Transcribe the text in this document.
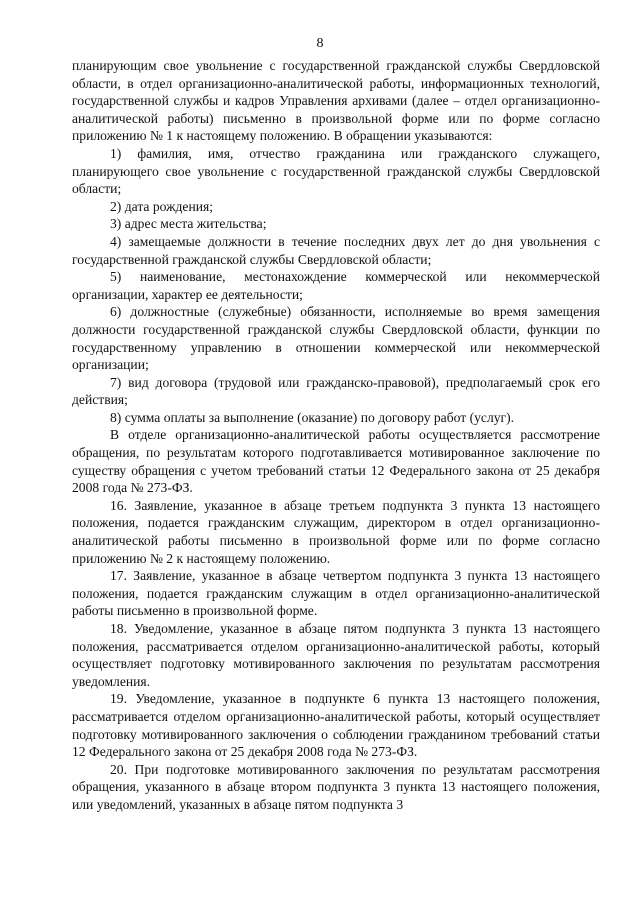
8

планирующим свое увольнение с государственной гражданской службы Свердловской области, в отдел организационно-аналитической работы, информационных технологий, государственной службы и кадров Управления архивами (далее – отдел организационно-аналитической работы) письменно в произвольной форме или по форме согласно приложению № 1 к настоящему положению. В обращении указываются:

1) фамилия, имя, отчество гражданина или гражданского служащего, планирующего свое увольнение с государственной гражданской службы Свердловской области;

2) дата рождения;

3) адрес места жительства;

4) замещаемые должности в течение последних двух лет до дня увольнения с государственной гражданской службы Свердловской области;

5) наименование, местонахождение коммерческой или некоммерческой организации, характер ее деятельности;

6) должностные (служебные) обязанности, исполняемые во время замещения должности государственной гражданской службы Свердловской области, функции по государственному управлению в отношении коммерческой или некоммерческой организации;

7) вид договора (трудовой или гражданско-правовой), предполагаемый срок его действия;

8) сумма оплаты за выполнение (оказание) по договору работ (услуг).

В отделе организационно-аналитической работы осуществляется рассмотрение обращения, по результатам которого подготавливается мотивированное заключение по существу обращения с учетом требований статьи 12 Федерального закона от 25 декабря 2008 года № 273-ФЗ.

16. Заявление, указанное в абзаце третьем подпункта 3 пункта 13 настоящего положения, подается гражданским служащим, директором в отдел организационно-аналитической работы письменно в произвольной форме или по форме согласно приложению № 2 к настоящему положению.

17. Заявление, указанное в абзаце четвертом подпункта 3 пункта 13 настоящего положения, подается гражданским служащим в отдел организационно-аналитической работы письменно в произвольной форме.

18. Уведомление, указанное в абзаце пятом подпункта 3 пункта 13 настоящего положения, рассматривается отделом организационно-аналитической работы, который осуществляет подготовку мотивированного заключения по результатам рассмотрения уведомления.

19. Уведомление, указанное в подпункте 6 пункта 13 настоящего положения, рассматривается отделом организационно-аналитической работы, который осуществляет подготовку мотивированного заключения о соблюдении гражданином требований статьи 12 Федерального закона от 25 декабря 2008 года № 273-ФЗ.

20. При подготовке мотивированного заключения по результатам рассмотрения обращения, указанного в абзаце втором подпункта 3 пункта 13 настоящего положения, или уведомлений, указанных в абзаце пятом подпункта 3
